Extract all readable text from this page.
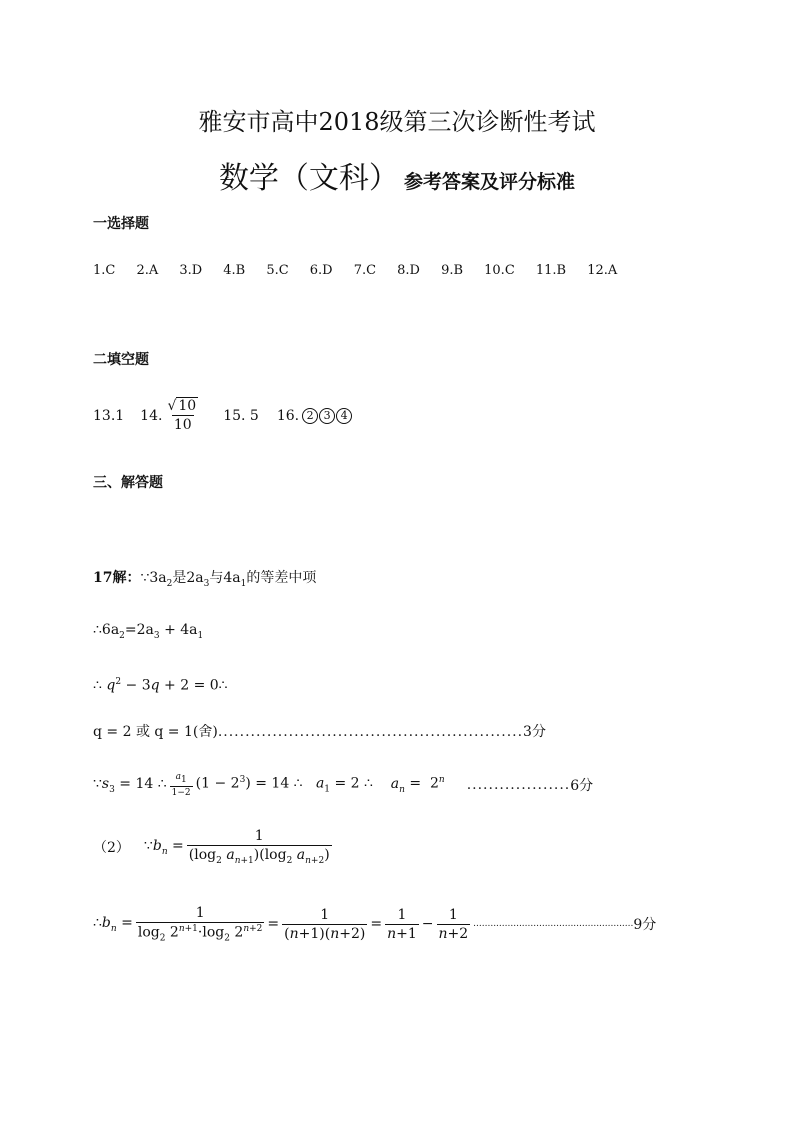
雅安市高中2018级第三次诊断性考试
数学（文科） 参考答案及评分标准
一选择题
1.C 2.A 3.D 4.B 5.C 6.D 7.C 8.D 9.B 10.C 11.B 12.A
二填空题
13.1 14. $\frac{√ 10}{10} 15$. 5 16. 2 3 4
三、解答题
17解：$\because 3a_2$是$2a_3$与$4a_1$的等差中项
$\therefore 6a_2=2a_3 + 4a_1$
∴ $q^2 - 3q + 2$ = 0∴
q = 2 或 q = 1(舍)........................................................3分
$\because s_3 = 14$ ∴ $\frac{a_1}{1-2} (1 - 2^3) = 14$ ∴   $a_1 = 2$ ∴    $a_n = 2^n$ ................... 6分
（2） $\because b_n = \frac{1}{(\log_2 a_{n+1})(\log_2 a_{n+2})}$
$\therefore b_n = \frac{1}{\log_2 2^{n+1}\cdot\log_2 2^{n+2}} = \frac{1}{(n+1)(n+2)} = \frac{1}{n+1} - \frac{1}{n+2}$ ........................................................ 9分
